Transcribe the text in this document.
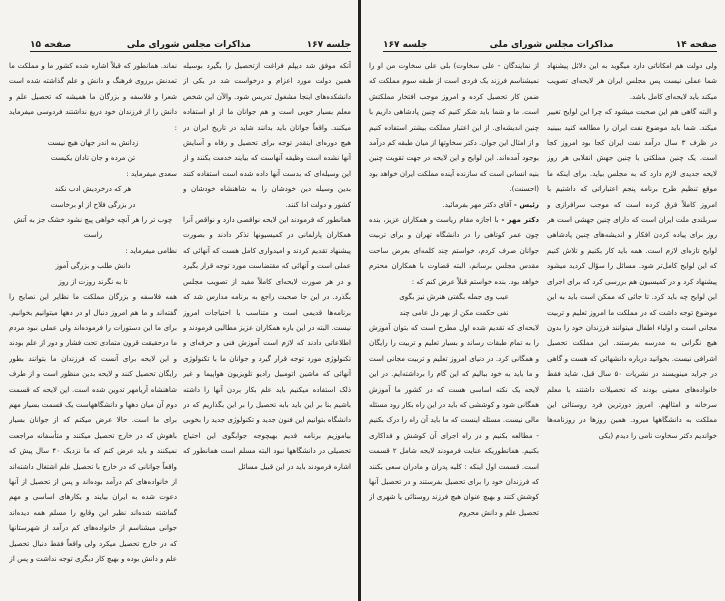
جلسه ۱۶۷
مذاکرات مجلس شورای ملی
صفحه ۱۵

آنکه موفق شد دیپلم فراغت ازتحصیل را بگیرد بوسیله همین دولت مورد اعزام و درخواست شد در یکی از دانشکده‌های اینجا مشغول تدریس شود. والآن این شخص معلم بسیار خوبی است و هم جوانان ما از او استفاده میکنند. واقعاً جوانان باید بدانند شاید در تاریخ ایران در هیچ دوره‌ای اینقدر توجه برای تحصیل و رفاه و آسایش آنها نشده است وظیفه آنهاست که بیایند خدمت بکنند و از این وسیله‌ای که بدست آنها داده شده است استفاده کنند بدین وسیله دین خودشان را به شاهنشاه خودشان و کشور و دولت ادا کنند.

همانطور که فرمودند این لایحه نواقصی دارد و نواقص آنرا همکاران پارلمانی در کمیسیونها تذکر دادند و بصورت پیشنهاد تقدیم کردند و امیدواری کامل هست که آنهائی که عملی است و آنهائی که مقتضاست مورد توجه قرار بگیرد و در هر صورت لایحه‌ای کاملاً مفید از تصویب مجلس بگذرد. در این جا صحبت راجع به برنامه مدارس شد که برنامه‌ها قدیمی است و متناسب با احتیاجات امروز نیست. البته در این باره همکاران عزیز مطالبی فرمودند و اطلاعاتی دادند که لازم است آموزش فنی و حرفه‌ای و تکنولوژی مورد توجه قرار گیرد و جوانان ما با تکنولوژی آنهائی که ماشین اتومبیل رادیو تلویزیون هواپیما و غیر ذلک استفاده میکنیم باید علم بکار بردن آنها را داشته باشیم بنا بر این باید بابه تحصیل را بر این بگذاریم که در دانشگاه بتوانیم این فنون جدید و تکنولوژی جدید را بخوبی بیاموزیم برنامه قدیم بهیچوجه جوابگوی این احتیاج تحصیلی در دانشگاهها نبود البته مسلم است همانطور که اشاره فرمودند باید در این قبیل مسائل

نماند. همانطور که قبلاً اشاره شده کشور ما و مملکت ما تمدنش برروی فرهنگ و دانش و علم گذاشته شده است شعرا و فلاسفه و بزرگان ما همیشه که تحصیل علم و دانش را از فرزندان خود دریغ نداشتند فردوسی میفرماید :

زدانش به اندر جهان هیچ نیست

تن مرده و جان نادان یکیست

سعدی میفرماید :

هر که درخردیش ادب نکند

در بزرگی فلاح از او برخاست

چوب تر را هر آنچه خواهی پیچ نشود خشک جز به آتش راست

نظامی میفرماید :

دانش طلب و بزرگی آموز

تا به نگرند روزت از روز

همه فلاسفه و بزرگان مملکت ما نظایر این نصایح را گفته‌اند و ما هم امروز دنبال او در دهها میتوانیم بخوانیم. برای ما این دستورات را فرموده‌اند ولی عملی نبود مردم ما درحقیقت قرون متمادی تحت فشار و دور از علم بودند و این لایحه برای آنست که فرزندان ما بتوانند بطور رایگان تحصیل کنند و لایحه بدین منظور است و از طرف شاهنشاه آریامهر تدوین شده است. این لایحه که قسمت دوم آن میان دهها و دانشگاههاست یک قسمت بسیار مهم برای ما است. حالا عرض میکنم که از جوانان بسیار باهوش که در خارج تحصیل میکنند و متأسفانه مراجعت نمیکنند و باید عرض کنم که ما نزدیک ۴۰ سال پیش که واقعاً جوانانی که در خارج با تحصیل علم اشتغال داشته‌اند از خانواده‌های کم درآمد بوده‌اند و پس از تحصیل از آنها دعوت شده به ایران بیایند و بکارهای اساسی و مهم گماشته شده‌اند نظیر این وقایع را مسلم همه دیده‌اند جوانی میشناسم از خانواده‌های کم درآمد از شهرستانها که در خارج تحصیل میکرد ولی واقعاً فقط دنبال تحصیل علم و دانش بوده و بهیچ کار دیگری توجه نداشت و پس از

صفحه ۱۴
مذاکرات مجلس شورای ملی
جلسه ۱۶۷

ولی دولت هم امکاناتی دارد میگوید به این دلائل پیشنهاد شما عملی نیست پس مجلس ایران هر لایحه‌ای تصویب میکند باید لایحه‌ای کامل باشد.

و البته گاهی هم این صحبت میشود که چرا این لوایح تغییر میکند. شما باید موضوع نفت ایران را مطالعه کنید ببینید در ظرف ۳ سال درآمد نفت ایران کجا بود امروز کجا است. یک چنین مملکتی با چنین جهش انقلابی هر روز لایحه جدیدی لازم دارد که به مجلس بیاید. برای اینکه ما موقع تنظیم طرح برنامه پنجم اعتباراتی که داشتیم با امروز کاملاً فرق کرده است که موجب سرافرازی و سربلندی ملت ایران است که دارای چنین جهشی است هر روز برای پیاده کردن افکار و اندیشه‌های چنین پادشاهی لوایح تازه‌ای لازم است. همه باید کار بکنیم و تلاش کنیم که این لوایح کامل‌تر شود. مسائل را سؤال کردید میشود پیشنهاد کرد و در کمیسیون هم بررسی کرد که برای اجرای این لوایح چه باید کرد. تا جائی که ممکن است باید به این موضوع توجه داشت که در مملکت ما امروز تعلیم و تربیت مجانی است و اولیاء اطفال میتوانند فرزندان خود را بدون هیچ نگرانی به مدرسه بفرستند. این مملکت تحصیل اشرافی نیست. بخوانید درباره دانشهائی که هست و گاهی در جراید مینویسند در نشریات ۵۰ سال قبل، شاید فقط خانواده‌های معینی بودند که تحصیلات داشتند با معلم سرخانه و امثالهم. امروز دورترین فرد روستائی این مملکت به دانشگاهها میرود. همین روزها در روزنامه‌ها خواندیم دکتر سخاوت نامی را دیدم (یکی

از نمایندگان - علی سخاوت) بلی علی سخاوت من او را نمیشناسم فرزند یک فردی است از طبقه سوم مملکت که ضمن کار تحصیل کرده و امروز موجب افتخار مملکتش است. ما و شما باید شکر کنیم که چنین پادشاهی داریم با چنین اندیشه‌ای. از این اعتبار مملکت بیشتر استفاده کنیم و از امثال این جوان. دکتر سخاوتها از میان طبقه کم درآمد بوجود آمده‌اند. این لوایح و این لایحه در جهت تقویت چنین بنیه انسانی است که سازنده آینده مملکت ایران خواهد بود (احسنت).

رئیس - آقای دکتر مهر بفرمائید.

دکتر مهر - با اجازه مقام ریاست و همکاران عزیز، بنده چون عمر کوتاهی را در دانشگاه تهران و برای تربیت جوانان صرف کردم، خواستم چند کلمه‌ای بعرض ساحت مقدس مجلس برسانم، البته قضاوت با همکاران محترم خواهد بود. بنده خواستم قبلاً عرض کنم که :

عیب وی جمله بگفتی هنرش نیز بگوی

نفی حکمت مکن از بهر دل عامی چند

لایحه‌ای که تقدیم شده اول مطرح است که بتوان آموزش را به تمام طبقات رساند و بسیار تعلیم و تربیت را رایگان و همگانی کرد. در دنیای امروز تعلیم و تربیت مجانی است و ما باید به خود ببالیم که این گام را برداشته‌ایم. در این لایحه یک نکته اساسی هست که در کشور ما آموزش همگانی شود و کوششی که باید در این راه بکار رود مسئله مالی نیست. مسئله اینست که ما باید آن راه را درک بکنیم - مطالعه بکنیم و در راه اجرای آن کوشش و فداکاری بکنیم. همانطوریکه عنایت فرمودند لایحه شامل ۲ قسمت است. قسمت اول اینکه : کلیه پدران و مادران سعی بکنند که فرزندان خود را برای تحصیل بفرستند و در تحصیل آنها کوشش کنند و بهیچ عنوان هیچ فرزند روستائی یا شهری از تحصیل علم و دانش محروم
